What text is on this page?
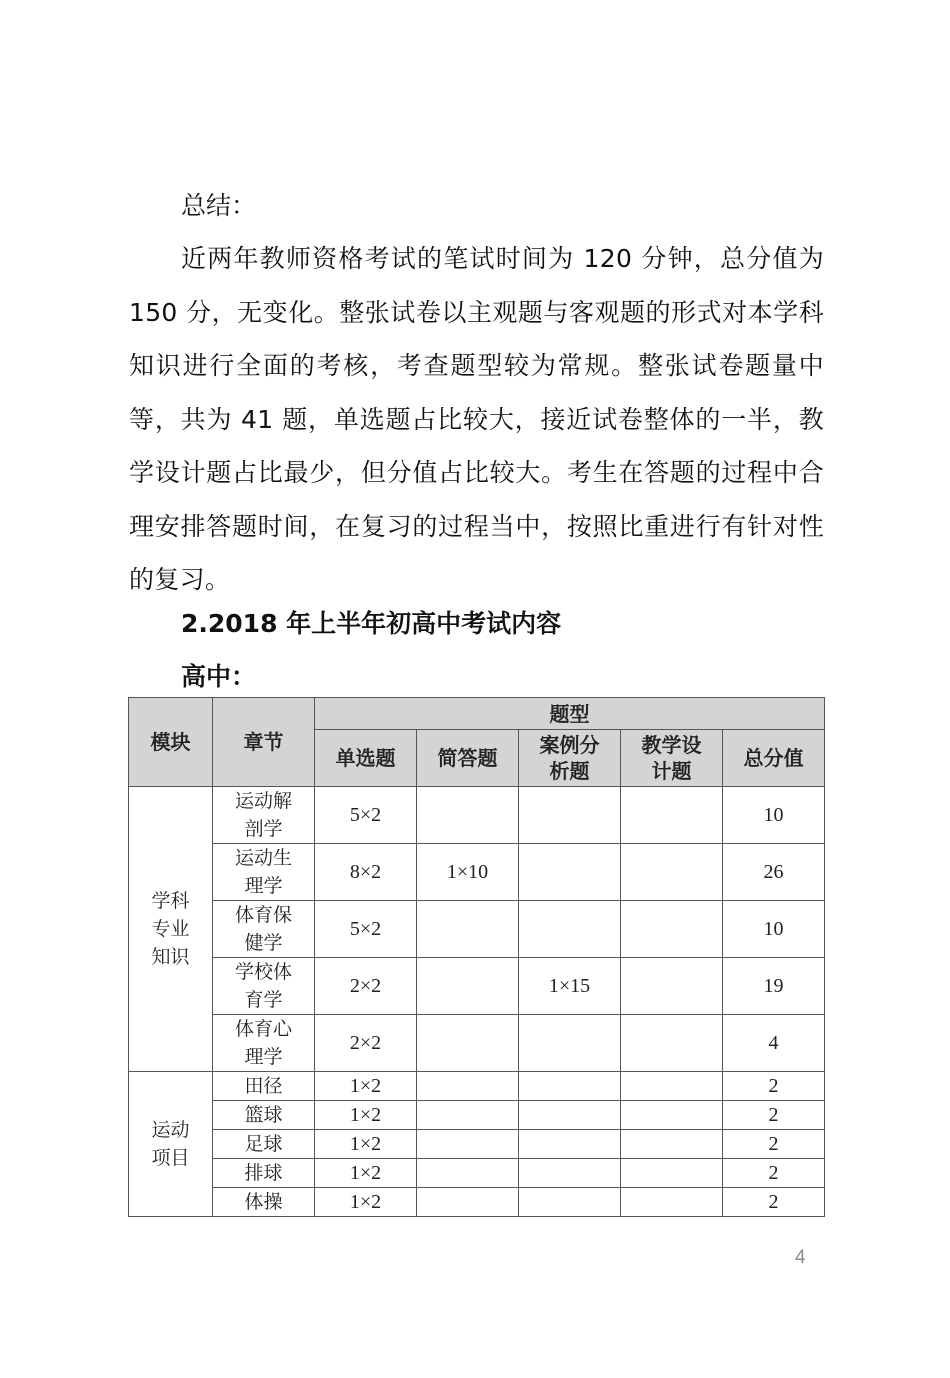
总结：
近两年教师资格考试的笔试时间为 120 分钟，总分值为 150 分，无变化。整张试卷以主观题与客观题的形式对本学科知识进行全面的考核，考查题型较为常规。整张试卷题量中等，共为 41 题，单选题占比较大，接近试卷整体的一半，教学设计题占比最少，但分值占比较大。考生在答题的过程中合理安排答题时间，在复习的过程当中，按照比重进行有针对性的复习。
2.2018 年上半年初高中考试内容
高中：
模块	章节	题型				
		单选题	简答题	案例分析题	教学设计题	总分值
学科专业知识	运动解剖学	5×2				10
	运动生理学	8×2	1×10			26
	体育保健学	5×2				10
	学校体育学	2×2		1×15		19
	体育心理学	2×2				4
运动项目	田径	1×2				2
	篮球	1×2				2
	足球	1×2				2
	排球	1×2				2
	体操	1×2				2
4
